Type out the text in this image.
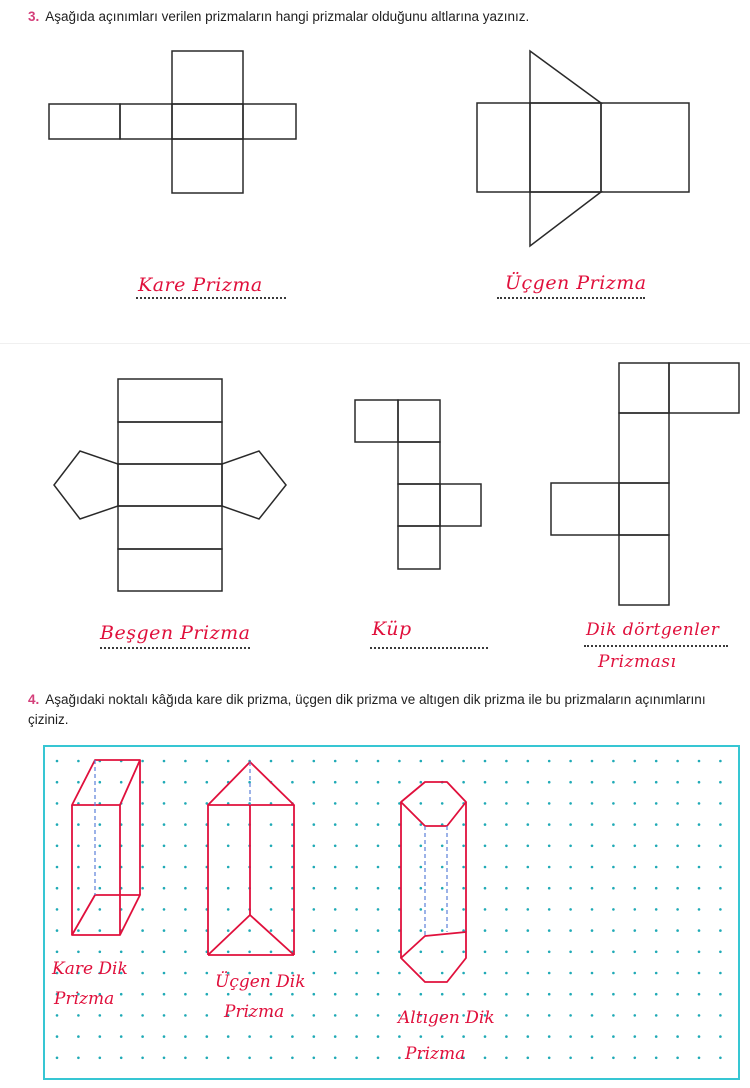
3. Aşağıda açınımları verilen prizmaların hangi prizmalar olduğunu altlarına yazınız.
Kare Prizma	Üçgen Prizma
Beşgen Prizma	Küp	Dik dörtgenler
Prizması
4. Aşağıdaki noktalı kâğıda kare dik prizma, üçgen dik prizma ve altıgen dik prizma ile bu prizmaların açınımlarını çiziniz.
Kare Dik
Prizma
Üçgen Dik
Prizma	Altıgen Dik
Prizma
